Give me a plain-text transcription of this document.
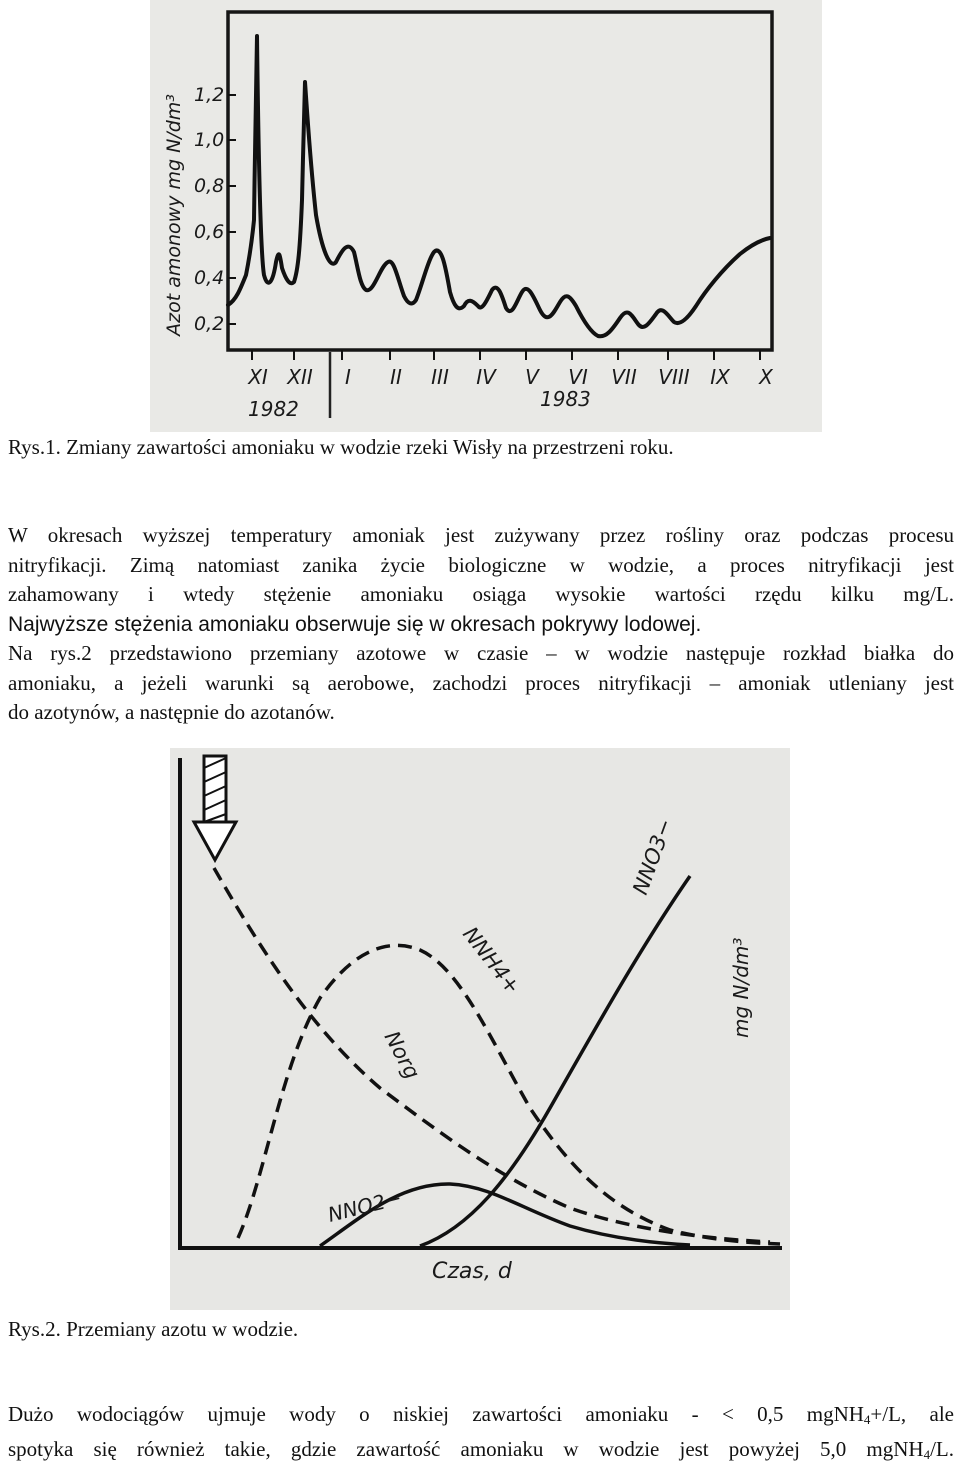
1,2
1,0
0,8
0,6
0,4
0,2
Azot amonowy mg N/dm³
XI XII I II III IV V VI VII VIII IX X
1982	1983
Rys.1. Zmiany zawartości amoniaku w wodzie rzeki Wisły na przestrzeni roku.
W okresach wyższej temperatury amoniak jest zużywany przez rośliny oraz podczas procesu
nitryfikacji. Zimą natomiast zanika życie biologiczne w wodzie, a proces nitryfikacji jest
zahamowany i wtedy stężenie amoniaku osiąga wysokie wartości rzędu kilku mg/L.
Najwyższe stężenia amoniaku obserwuje się w okresach pokrywy lodowej.
Na rys.2 przedstawiono przemiany azotowe w czasie – w wodzie następuje rozkład białka do
amoniaku, a jeżeli warunki są aerobowe, zachodzi proces nitryfikacji – amoniak utleniany jest
do azotynów, a następnie do azotanów.
NNH4+
NNO3−
Norg
NNO2−
mg N/dm³
Czas, d
Rys.2. Przemiany azotu w wodzie.
Dużo wodociągów ujmuje wody o niskiej zawartości amoniaku - < 0,5 mgNH$_4$+/L, ale
spotyka się również takie, gdzie zawartość amoniaku w wodzie jest powyżej 5,0 mgNH$_4$/L.
